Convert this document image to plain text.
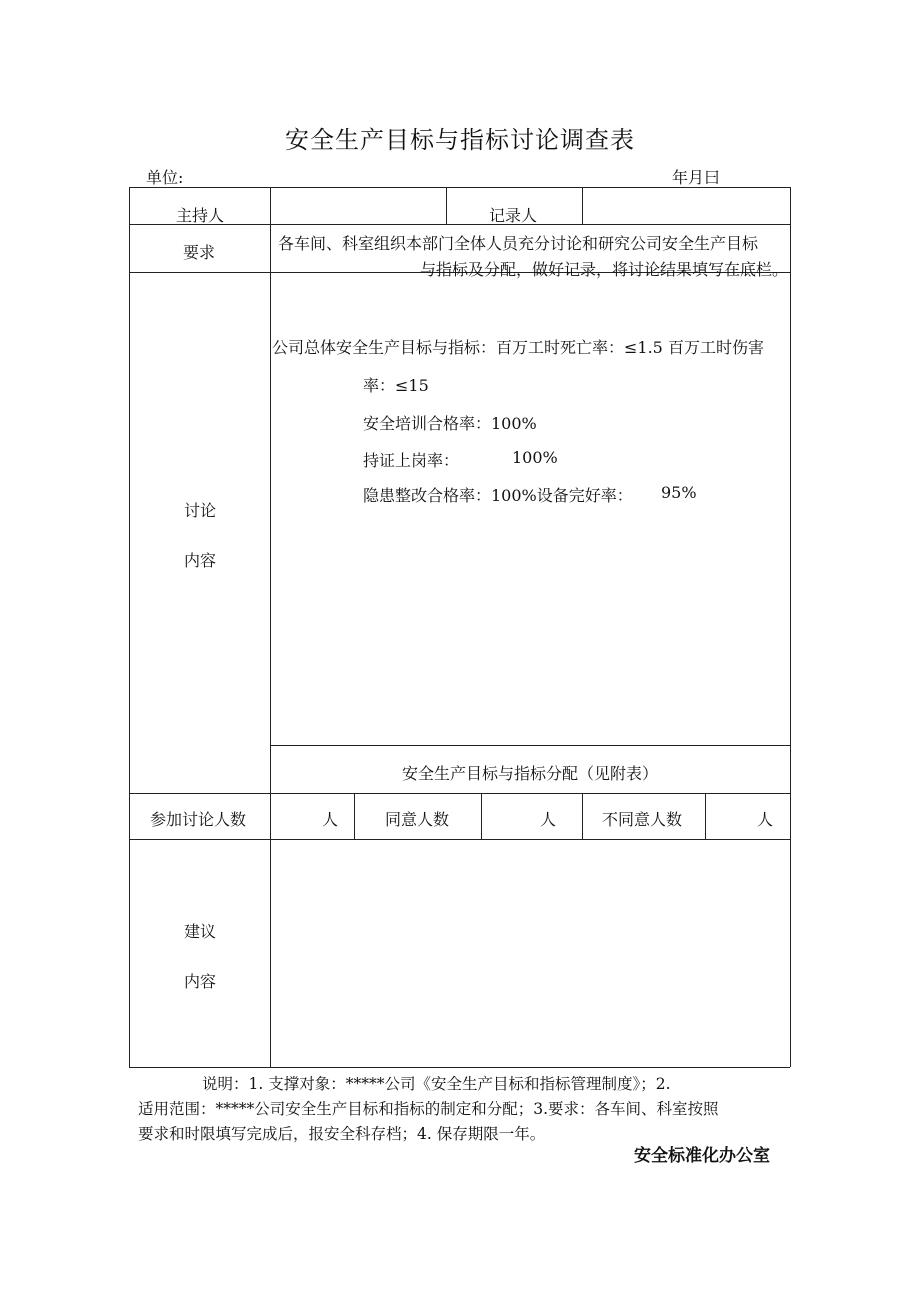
安全生产目标与指标讨论调查表
单位:	年月曰
主持人	记录人
要求	各车间、科室组织本部门全体人员充分讨论和研究公司安全生产目标
与指标及分配，做好记录，将讨论结果填写在底栏。
讨论
内容
公司总体安全生产目标与指标：百万工时死亡率：≤1.5 百万工时伤害
率：≤15
安全培训合格率：100%
持证上岗率：	100%
隐患整改合格率：100%设备完好率： 95%
安全生产目标与指标分配（见附表）
参加讨论人数	人	同意人数	人	不同意人数	人
建议
内容
说明：1. 支撑对象：*****公司《安全生产目标和指标管理制度》；2.
适用范围：*****公司安全生产目标和指标的制定和分配；3.要求：各车间、科室按照
要求和时限填写完成后，报安全科存档；4. 保存期限一年。
安全标准化办公室
